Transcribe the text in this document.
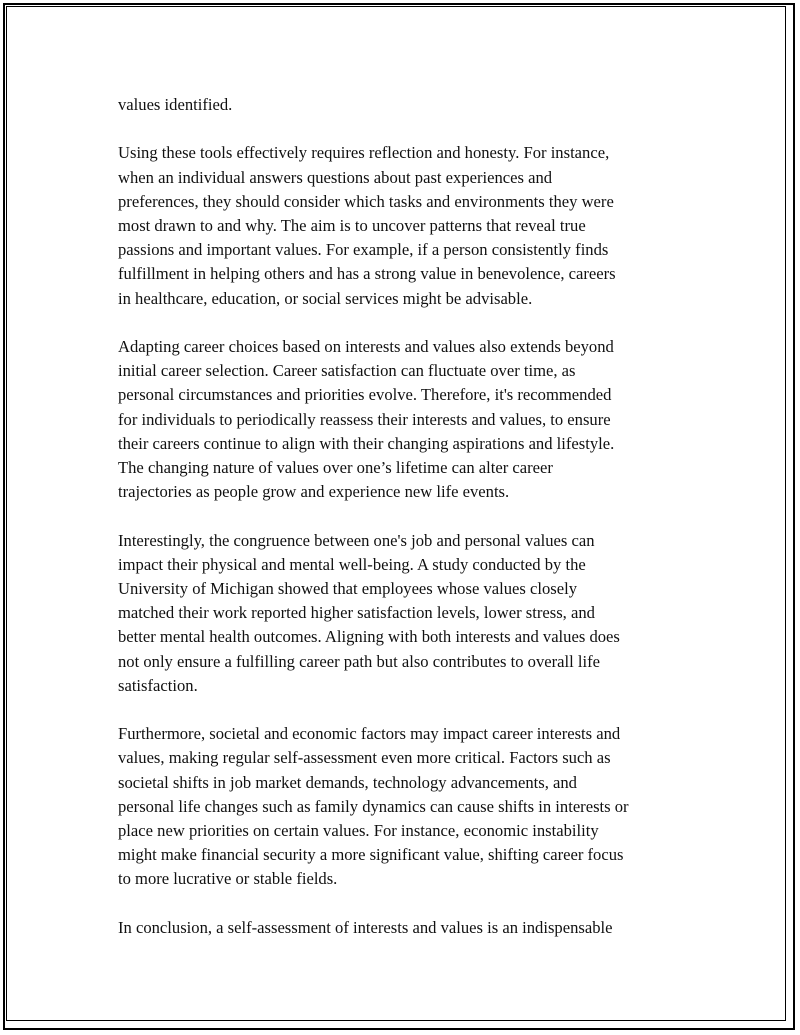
values identified.

Using these tools effectively requires reflection and honesty. For instance,
when an individual answers questions about past experiences and
preferences, they should consider which tasks and environments they were
most drawn to and why. The aim is to uncover patterns that reveal true
passions and important values. For example, if a person consistently finds
fulfillment in helping others and has a strong value in benevolence, careers
in healthcare, education, or social services might be advisable.

Adapting career choices based on interests and values also extends beyond
initial career selection. Career satisfaction can fluctuate over time, as
personal circumstances and priorities evolve. Therefore, it's recommended
for individuals to periodically reassess their interests and values, to ensure
their careers continue to align with their changing aspirations and lifestyle.
The changing nature of values over one’s lifetime can alter career
trajectories as people grow and experience new life events.

Interestingly, the congruence between one's job and personal values can
impact their physical and mental well-being. A study conducted by the
University of Michigan showed that employees whose values closely
matched their work reported higher satisfaction levels, lower stress, and
better mental health outcomes. Aligning with both interests and values does
not only ensure a fulfilling career path but also contributes to overall life
satisfaction.

Furthermore, societal and economic factors may impact career interests and
values, making regular self-assessment even more critical. Factors such as
societal shifts in job market demands, technology advancements, and
personal life changes such as family dynamics can cause shifts in interests or
place new priorities on certain values. For instance, economic instability
might make financial security a more significant value, shifting career focus
to more lucrative or stable fields.

In conclusion, a self-assessment of interests and values is an indispensable
